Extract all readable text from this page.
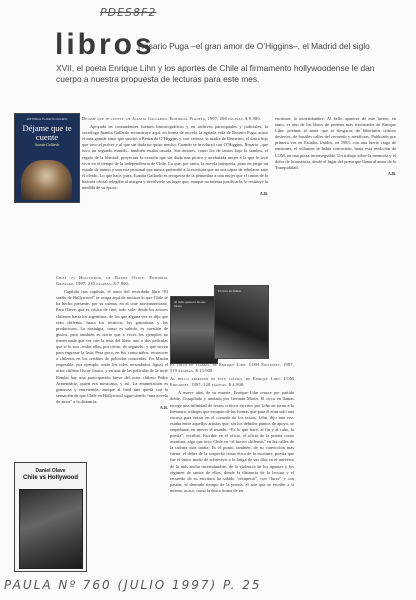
PDES8F2
libros
Rosario Puga –el gran amor de O’Higgins–, el Madrid del siglo
XVII, el poeta Enrique Lihn y los aportes de Chile al firmamento hollywoodense le dan cuerpo a nuestra propuesta de lecturas para este mes.
EDITORIAL PLANETA CHILENA
Déjame que te cuente
Juanita Gallardo

Déjame que te cuente, de Juanita Gallardo. Editorial Planeta, 1997, 208 páginas, $ 9.900.

Apoyada en contundentes fuentes historiográficas y en archivos parroquiales y judiciales, la socióloga Juanita Gallardo reconstruye aquí, en forma de novela, la agitada vida de Rosario Puga, acaso el más grande amor que suscitó a Bernardo O’Higgins y, con certeza, la madre de Demetrio, el único hijo que tuvo el prócer y al que sin duda no quiso mucho. Cuando se involucró con O’Higgins, Rosario –que tuvo un segundo marido– también estaba casada. Sus amores, como los de tantos bajo la sombra, el regalo de la libertad, proyectan la ocasión que sin duda una pícara y arrebatada mujer a la que le tocó vivir en el tiempo de la independencia de Chile. Lo que, por tanto, la novela interpreta, pone en juego un estado de ánimo y una voz personal que nunca pretendió a la escritura que no sea capaz de rebelarse ante el olvido. Lo que hace, pues, Juanita Gallardo es recuperar de la penumbra a una mujer que el canon de la historia oficial relegaba al margen y devolverle un lugar que, aunque no intenta justificarla, le restituye la medida de su época.

A.B.

escritura: la incertidumbre. Al bello aparecer de este lucero, en tanto, es uno de los libros de poemas más fracturados de Enrique Lihn: poemas al amor que se desgarra, de laberintos críticos desiertos, de hostiles calles del recuerdo y metáforas. Publicado por primera vez en Estados Unidos, en 1983, con una fuerte carga de tensiones, el volumen se había convertido, hasta esta reedición de LOM, en una pieza inconseguible. Un trabajo sobre la memoria y el dolor de la ausencia, desde el lugar del poeta que llama al amor de la Tranquilidad.

A.B.

Al bello aparecer de este lucero
El circo en llamas

Chile vs Hollywood, de Daniel Olave. Editorial Grijalbo, 1997, 230 páginas, $ 7.900.

Capítulo tras capítulo, el autor del recordado libro “El sueño de Hollywood” se ocupa aquí de mostrar lo que Chile se ha hecho presente, por su cuenta, en el cine norteamericano. Para Olave, que es crítico de cine, todo vale: desde los actores chilenos hasta los argentinos, de los que alguna vez se dijo que eran chilenos, hasta los técnicos, los guionistas y los productores. La nostalgia, como es sabido, es cuestión de gustos, pero también es cierto que a veces los ejemplos no tienen nada que ver con la tesis del libro: uno o dos películas que sí lo son –todas ellas, por cierto, de segunda– y que sirven para engrosar la lista: Pesa poco, en fin, como niños, reconocer a chilenos en los créditos de películas conocidas. En Misión imposible, por ejemplo, entre los roles secundarios figura el actor chileno Oscar Castro, y en una de las películas de la serie Rambo hay una participación breve del actor chileno Pedro Armendáriz, quien era mexicano, y así. La enumeración es generosa y entretenida, aunque al final uno queda con la sensación de que Chile en Hollywood sigue siendo “una novela de amor” a la distancia.

A.B.

Daniel Olave
Chile vs Hollywood

El circo en llamas, de Enrique Lihn. LOM Ediciones, 1997, 519 páginas, $ 13.900.

Al bello aparecer de este lucero, de Enrique Lihn. LOM Ediciones, 1997, 120 páginas, $ 4.900.

A nueve años de su muerte, Enrique Lihn renace por partida doble. Compilado y anotado por Germán Marín, El circo en llamas recoge una infinidad de textos críticos escritos por Lihn en torno a la literatura, trabajos que escapan de las formas que para él eran solo una excusa para entrar en el corazón de los textos. Lihn, dijo una vez, estaba entre aquellos artistas que, sin los debidos puntos de apoyo, se empeñaron en mover el mundo: “Es lo que hace, al fin y al cabo, la poesía”, escribió. Escribir en el oficio, el oficio de la poesía como aventura, algo que tuvo Chile en “el horror chilensis” en las calles de la cultura más tardía. Es el punto, también, de su convicción más fuerte: el deber de la sospecha como ética de la escritura, poesía que fue el único modo de sobrevivir a la fatiga de sus días en el universo de la más ancha incertidumbre, de la violencia de los apuntes y los régimen de tantos de ellos, donde la distancia de la lectura y el recuerdo de su escritura ha sabido “recuperar”, con “furor” y con pasión, el desnudo tiempo de la poesía, el arte que se escribe a sí mismo, acaso, como la única forma de ser.

PAULA Nº 760 (JULIO 1997) P. 25
